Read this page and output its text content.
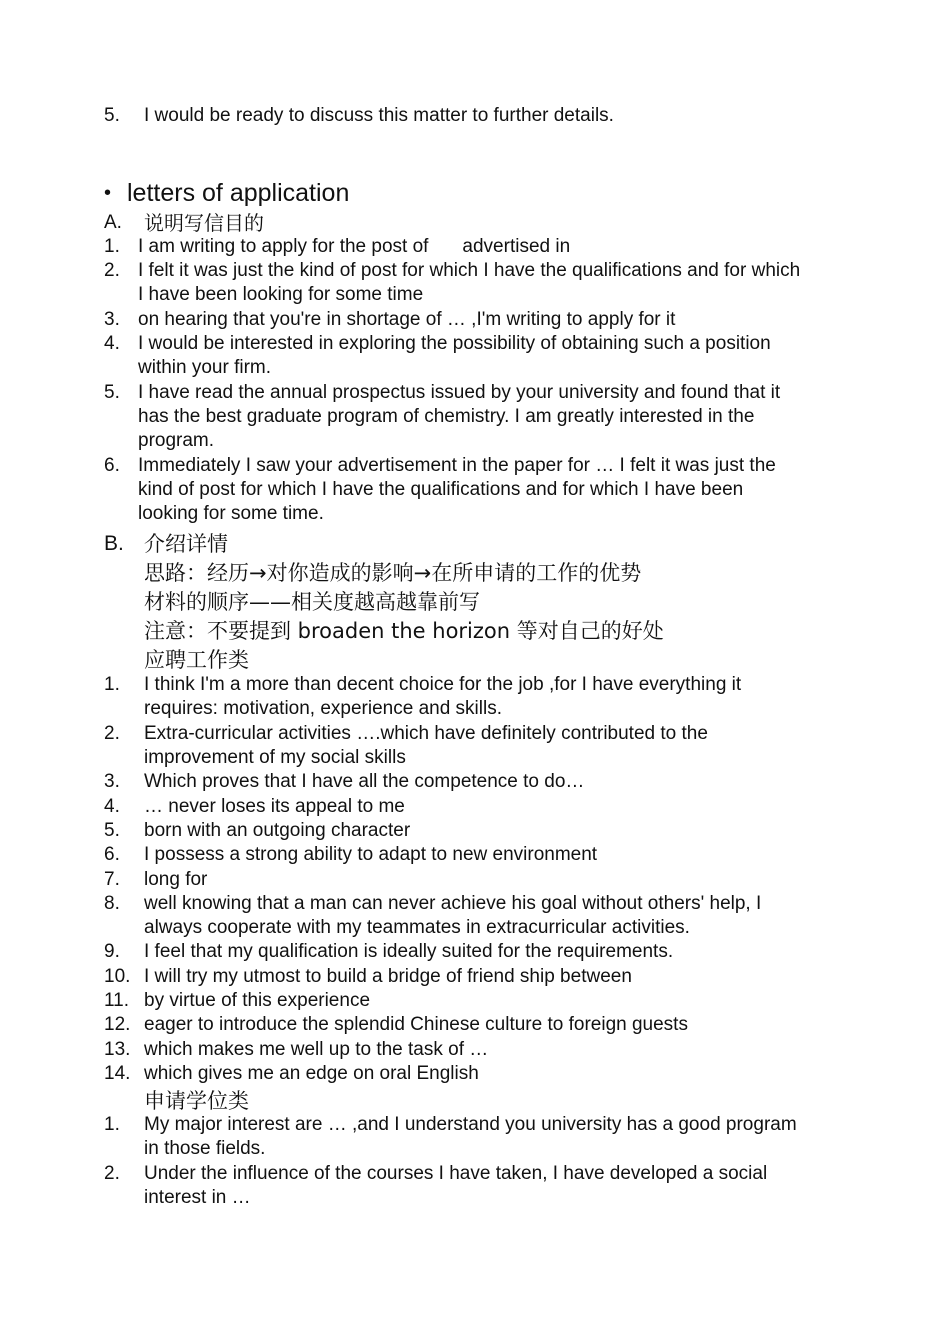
5. I would be ready to discuss this matter to further details.
• letters of application
A. 说明写信目的
1. I am writing to apply for the post of advertised in
2. I felt it was just the kind of post for which I have the qualifications and for which
I have been looking for some time
3. on hearing that you're in shortage of … ,I'm writing to apply for it
4. I would be interested in exploring the possibility of obtaining such a position
within your firm.
5. I have read the annual prospectus issued by your university and found that it
has the best graduate program of chemistry. I am greatly interested in the
program.
6. Immediately I saw your advertisement in the paper for … I felt it was just the
kind of post for which I have the qualifications and for which I have been
looking for some time.
B. 介绍详情
思路：经历→对你造成的影响→在所申请的工作的优势
材料的顺序——相关度越高越靠前写
注意：不要提到 broaden the horizon 等对自己的好处
应聘工作类
1. I think I'm a more than decent choice for the job ,for I have everything it
requires: motivation, experience and skills.
2. Extra-curricular activities ….which have definitely contributed to the
improvement of my social skills
3. Which proves that I have all the competence to do…
4. … never loses its appeal to me
5. born with an outgoing character
6. I possess a strong ability to adapt to new environment
7. long for
8. well knowing that a man can never achieve his goal without others' help, I
always cooperate with my teammates in extracurricular activities.
9. I feel that my qualification is ideally suited for the requirements.
10. I will try my utmost to build a bridge of friend ship between
11. by virtue of this experience
12. eager to introduce the splendid Chinese culture to foreign guests
13. which makes me well up to the task of …
14. which gives me an edge on oral English
申请学位类
1. My major interest are … ,and I understand you university has a good program
in those fields.
2. Under the influence of the courses I have taken, I have developed a social
interest in …
